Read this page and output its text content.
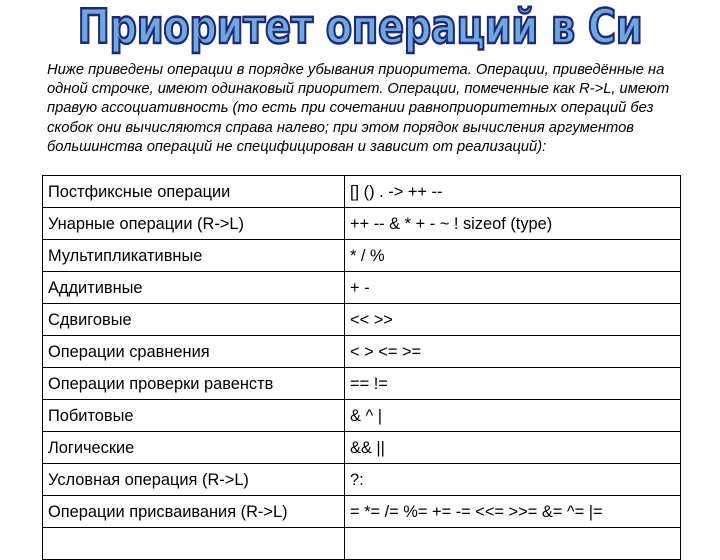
Приоритет операций в Си

Ниже приведены операции в порядке убывания приоритета. Операции, приведённые на одной строчке, имеют одинаковый приоритет. Операции, помеченные как R->L, имеют правую ассоциативность (то есть при сочетании равноприоритетных операций без скобок они вычисляются справа налево; при этом порядок вычисления аргументов большинства операций не специфицирован и зависит от реализаций):

Постфиксные операции	[] () . -> ++ --
Унарные операции (R->L)	++ -- & * + - ~ ! sizeof (type)
Мультипликативные	* / %
Аддитивные	+ -
Сдвиговые	<< >>
Операции сравнения	< > <= >=
Операции проверки равенств	== !=
Побитовые	& ^ |
Логические	&& ||
Условная операция (R->L)	?:
Операции присваивания (R->L)	= *= /= %= += -= <<= >>= &= ^= |=
